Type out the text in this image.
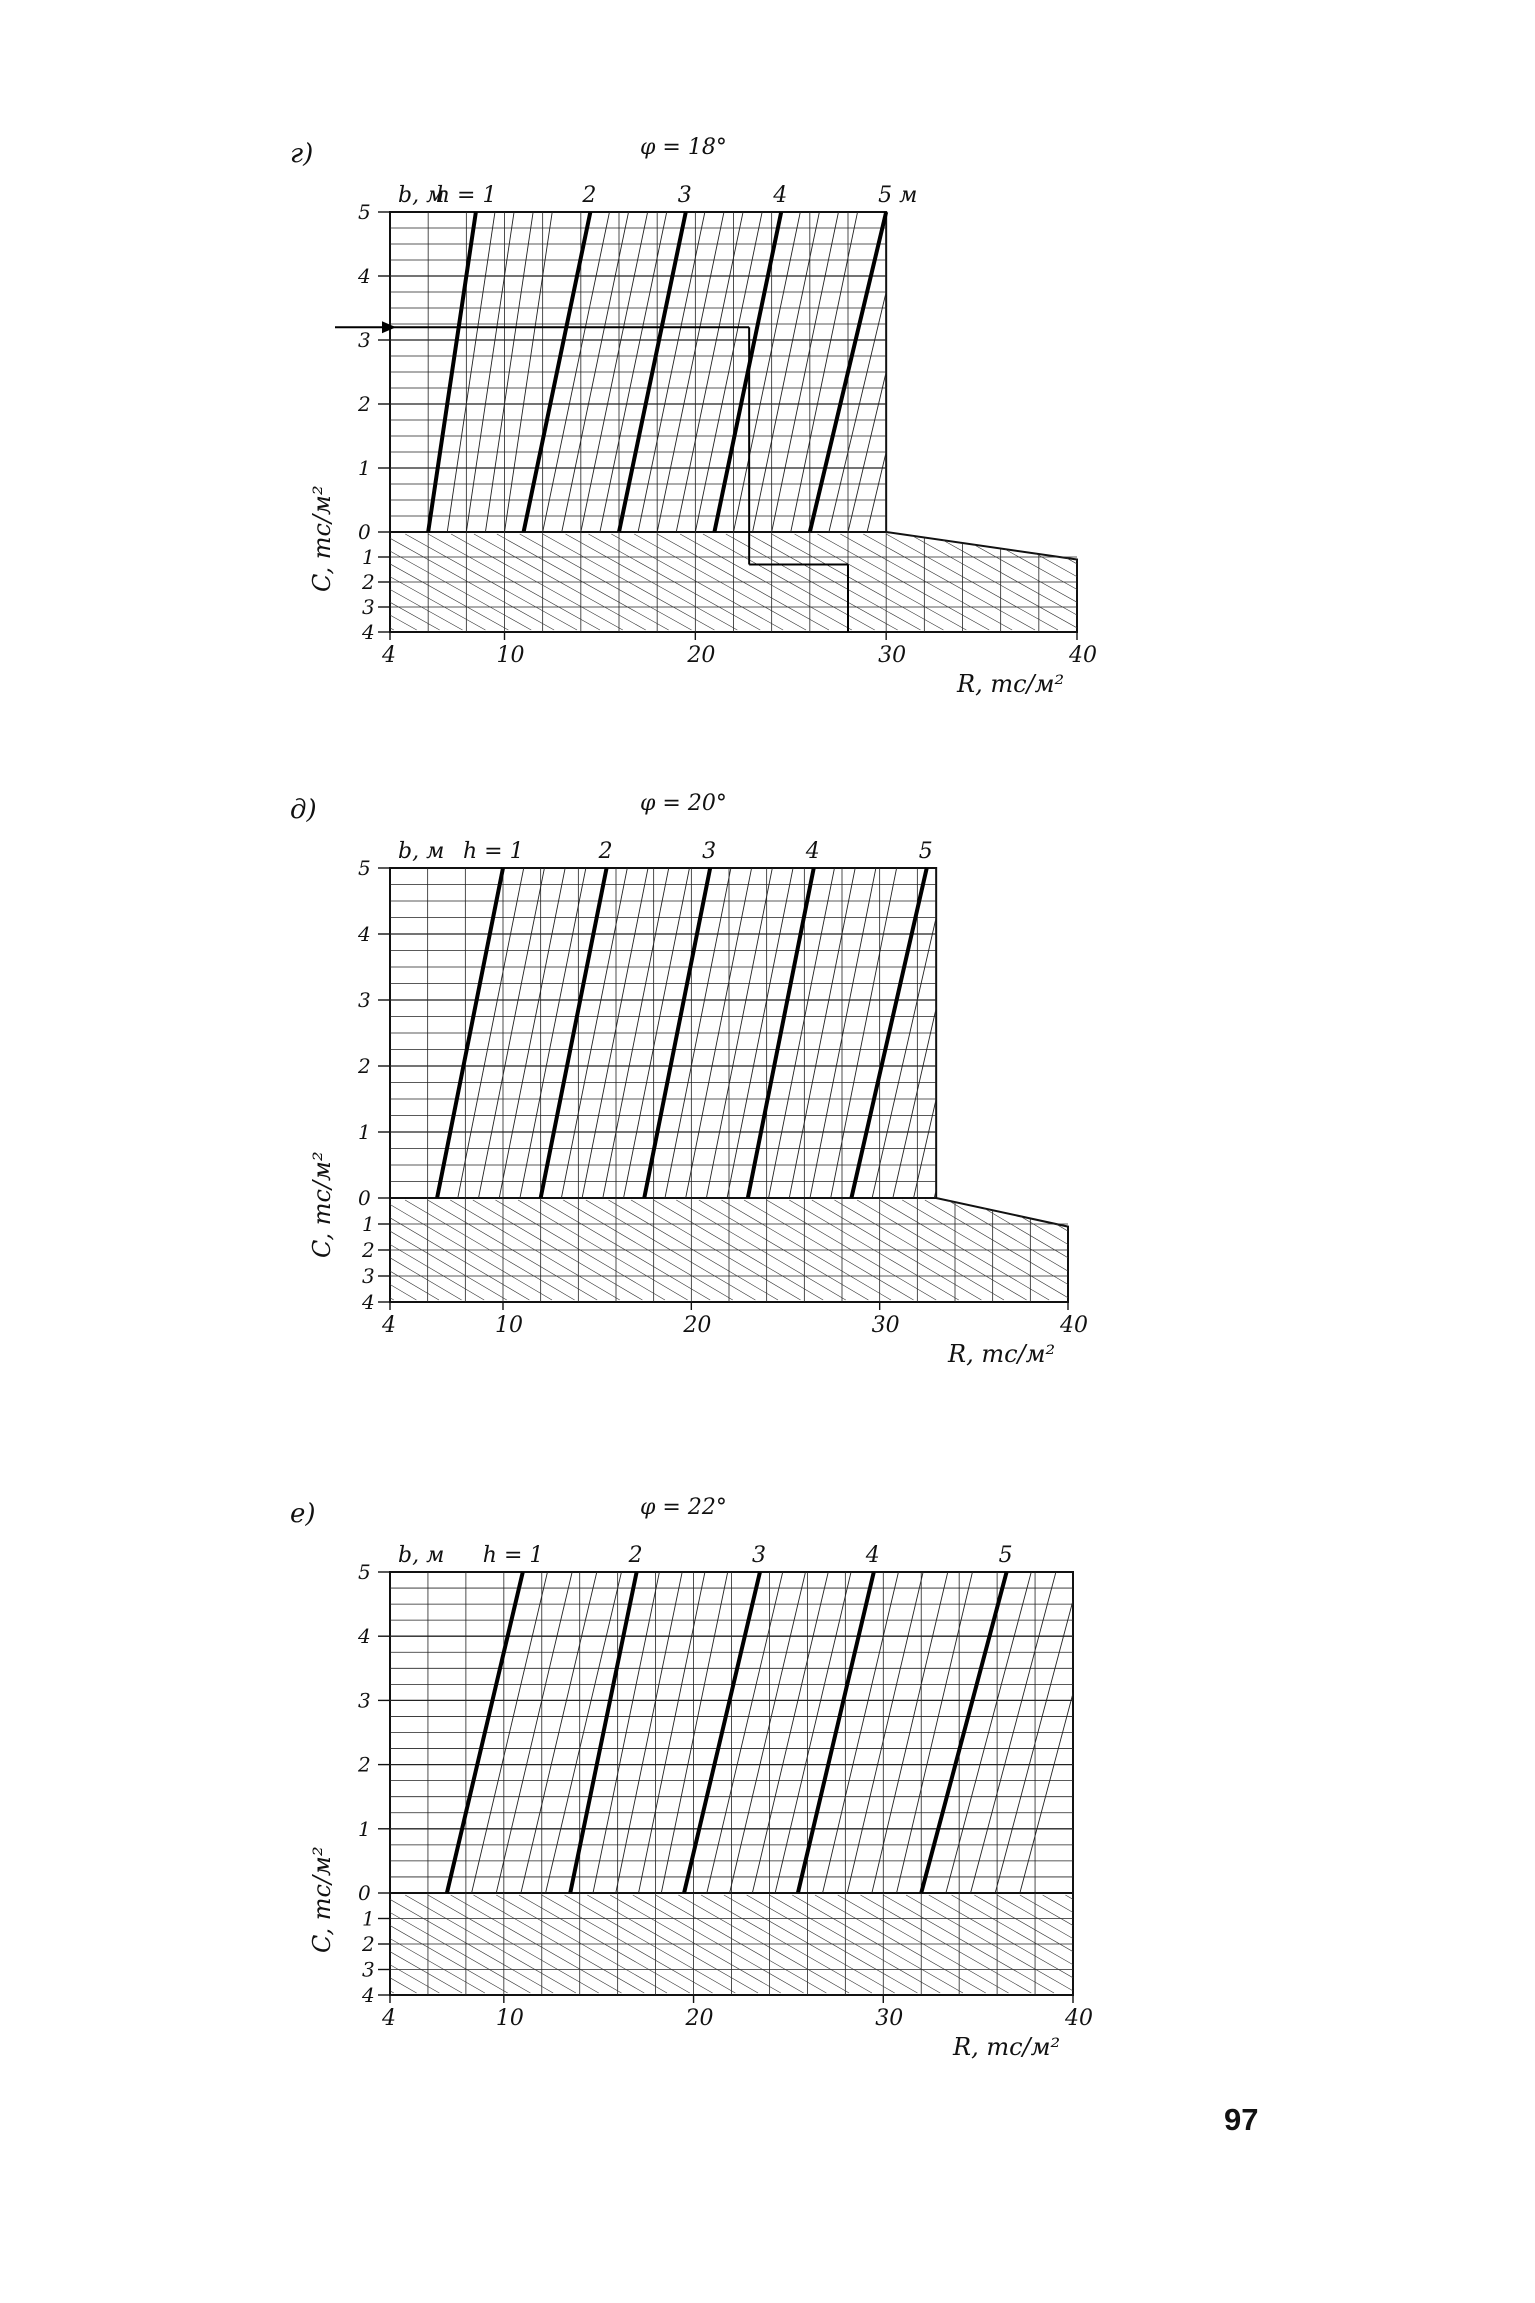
г)	φ = 18°
b, м
h = 1	2	3	4	5 м
5
4
3
2
1
0
1
2
3
4
C, тс/м²
4	10	20	30	40
R, тс/м²
д)	φ = 20°
b, м h = 1	2	3	4	5
5
4
3
2
1
0
1
2
3
4
C, тс/м²
4	10	20	30	40
R, тс/м²
е)	φ = 22°
b, м h = 1	2	3	4	5
5
4
3
2
1
0
1
2
3
4
C, тс/м²
4	10	20	30	40
R, тс/м²
97
